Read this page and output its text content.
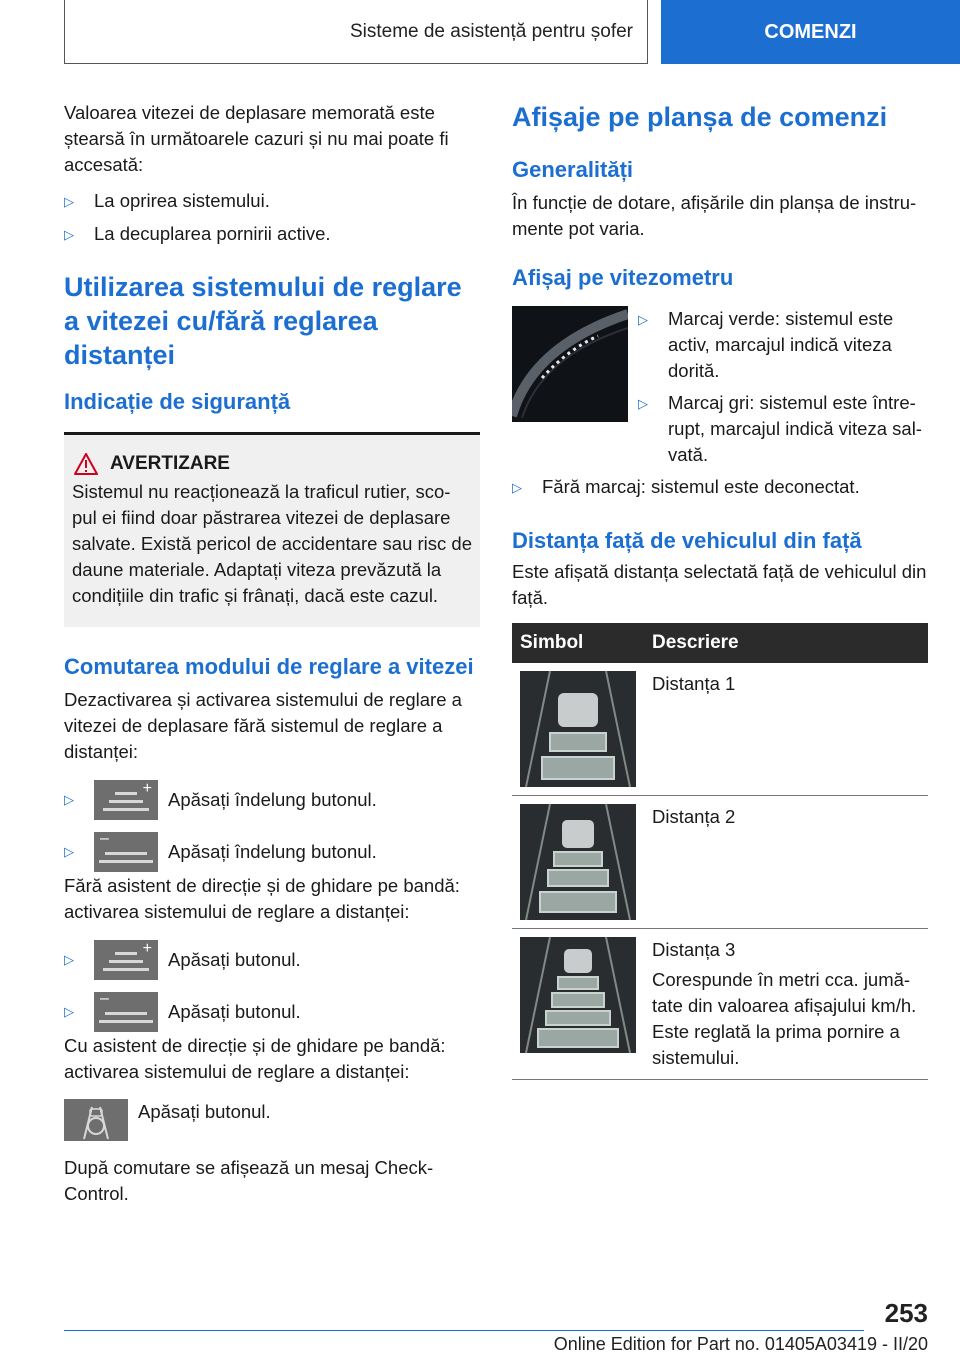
Sisteme de asistență pentru șofer	COMENZI

Valoarea vitezei de deplasare memorată este ștearsă în următoarele cazuri și nu mai poate fi accesată:

▷	La oprirea sistemului.
▷	La decuplarea pornirii active.
Utilizarea sistemului de reglare a vitezei cu/fără reglarea distanței
Indicație de siguranță
AVERTIZARE

Sistemul nu reacționează la traficul rutier, sco-pul ei fiind doar păstrarea vitezei de deplasare salvate. Există pericol de accidentare sau risc de daune materiale. Adaptați viteza prevăzută la condițiile din trafic și frânați, dacă este cazul.

Comutarea modului de reglare a vitezei

Dezactivarea și activarea sistemului de reglare a vitezei de deplasare fără sistemul de reglare a distanței:

▷
+
Apăsați îndelung butonul.
▷
–
Apăsați îndelung butonul.

Fără asistent de direcție și de ghidare pe bandă: activarea sistemului de reglare a distanței:

▷
+
Apăsați butonul.
▷
–
Apăsați butonul.

Cu asistent de direcție și de ghidare pe bandă: activarea sistemului de reglare a distanței:

Apăsați butonul.

După comutare se afișează un mesaj Check-Control.

Afișaje pe planșa de comenzi
Generalități

În funcție de dotare, afișările din planșa de instru-mente pot varia.

Afișaj pe vitezometru
▷	Marcaj verde: sistemul este activ, marcajul indică viteza dorită.
▷	Marcaj gri: sistemul este între-rupt, marcajul indică viteza sal-vată.
▷	Fără marcaj: sistemul este deconectat.
Distanța față de vehiculul din față

Este afișată distanța selectată față de vehiculul din față.

Simbol	Descriere

	Distanța 1

	Distanța 2

Distanța 3
Corespunde în metri cca. jumă-tate din valoarea afișajului km/h. Este reglată la prima pornire a sistemului.
253
Online Edition for Part no. 01405A03419 - II/20
